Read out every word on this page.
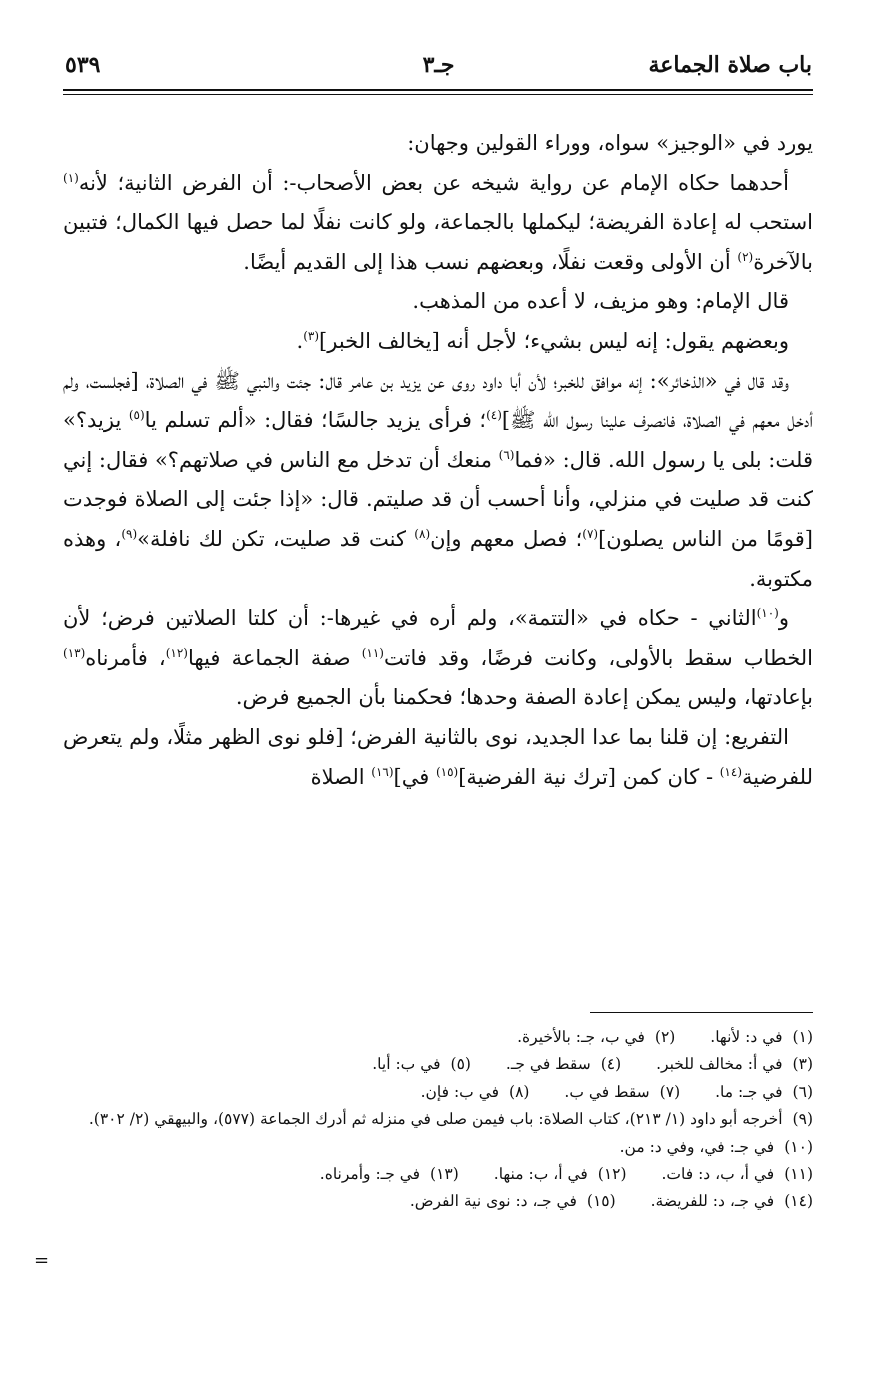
باب صلاة الجماعة
جـ٣
٥٣٩

يورد في «الوجيز» سواه، ووراء القولين وجهان:

أحدهما حكاه الإمام عن رواية شيخه عن بعض الأصحاب-: أن الفرض الثانية؛ لأنه$^{(١)}$ استحب له إعادة الفريضة؛ ليكملها بالجماعة، ولو كانت نفلًا لما حصل فيها الكمال؛ فتبين بالآخرة$^{(٢)}$ أن الأولى وقعت نفلًا، وبعضهم نسب هذا إلى القديم أيضًا.

قال الإمام: وهو مزيف، لا أعده من المذهب.

وبعضهم يقول: إنه ليس بشيء؛ لأجل أنه [يخالف الخبر]$^{(٣)}$.

وقد قال في «الذخائر»: إنه موافق للخبر؛ لأن أبا داود روى عن يزيد بن عامر قال: جئت والنبي ﷺ في الصلاة، [فجلست، ولم أدخل معهم في الصلاة، فانصرف علينا رسول الله ﷺ]$^{(٤)}$؛ فرأى يزيد جالسًا؛ فقال: «ألم تسلم يا$^{(٥)}$ يزيد؟» قلت: بلى يا رسول الله. قال: «فما$^{(٦)}$ منعك أن تدخل مع الناس في صلاتهم؟» فقال: إني كنت قد صليت في منزلي، وأنا أحسب أن قد صليتم. قال: «إذا جئت إلى الصلاة فوجدت [قومًا من الناس يصلون]$^{(٧)}$؛ فصل معهم وإن$^{(٨)}$ كنت قد صليت، تكن لك نافلة»$^{(٩)}$، وهذه مكتوبة.

و$^{(١٠)}$الثاني - حكاه في «التتمة»، ولم أره في غيرها-: أن كلتا الصلاتين فرض؛ لأن الخطاب سقط بالأولى، وكانت فرضًا، وقد فاتت$^{(١١)}$ صفة الجماعة فيها$^{(١٢)}$، فأمرناه$^{(١٣)}$ بإعادتها، وليس يمكن إعادة الصفة وحدها؛ فحكمنا بأن الجميع فرض.

التفريع: إن قلنا بما عدا الجديد، نوى بالثانية الفرض؛ [فلو نوى الظهر مثلًا، ولم يتعرض للفرضية$^{(١٤)}$ - كان كمن [ترك نية الفرضية]$^{(١٥)}$ في]$^{(١٦)}$ الصلاة

(١)في د: لأنها. (٢)في ب، جـ: بالأخيرة.
(٣)في أ: مخالف للخبر. (٤)سقط في جـ. (٥)في ب: أيا.
(٦)في جـ: ما. (٧)سقط في ب. (٨)في ب: فإن.
(٩)
أخرجه أبو داود (١/ ٢١٣)، كتاب الصلاة: باب فيمن صلى في منزله ثم أدرك الجماعة (٥٧٧)، والبيهقي (٢/ ٣٠٢).
(١٠)في جـ: في، وفي د: من.
(١١)في أ، ب، د: فات. (١٢)في أ، ب: منها. (١٣)في جـ: وأمرناه.
(١٤)في جـ، د: للفريضة. (١٥)في جـ، د: نوى نية الفرض.
=
